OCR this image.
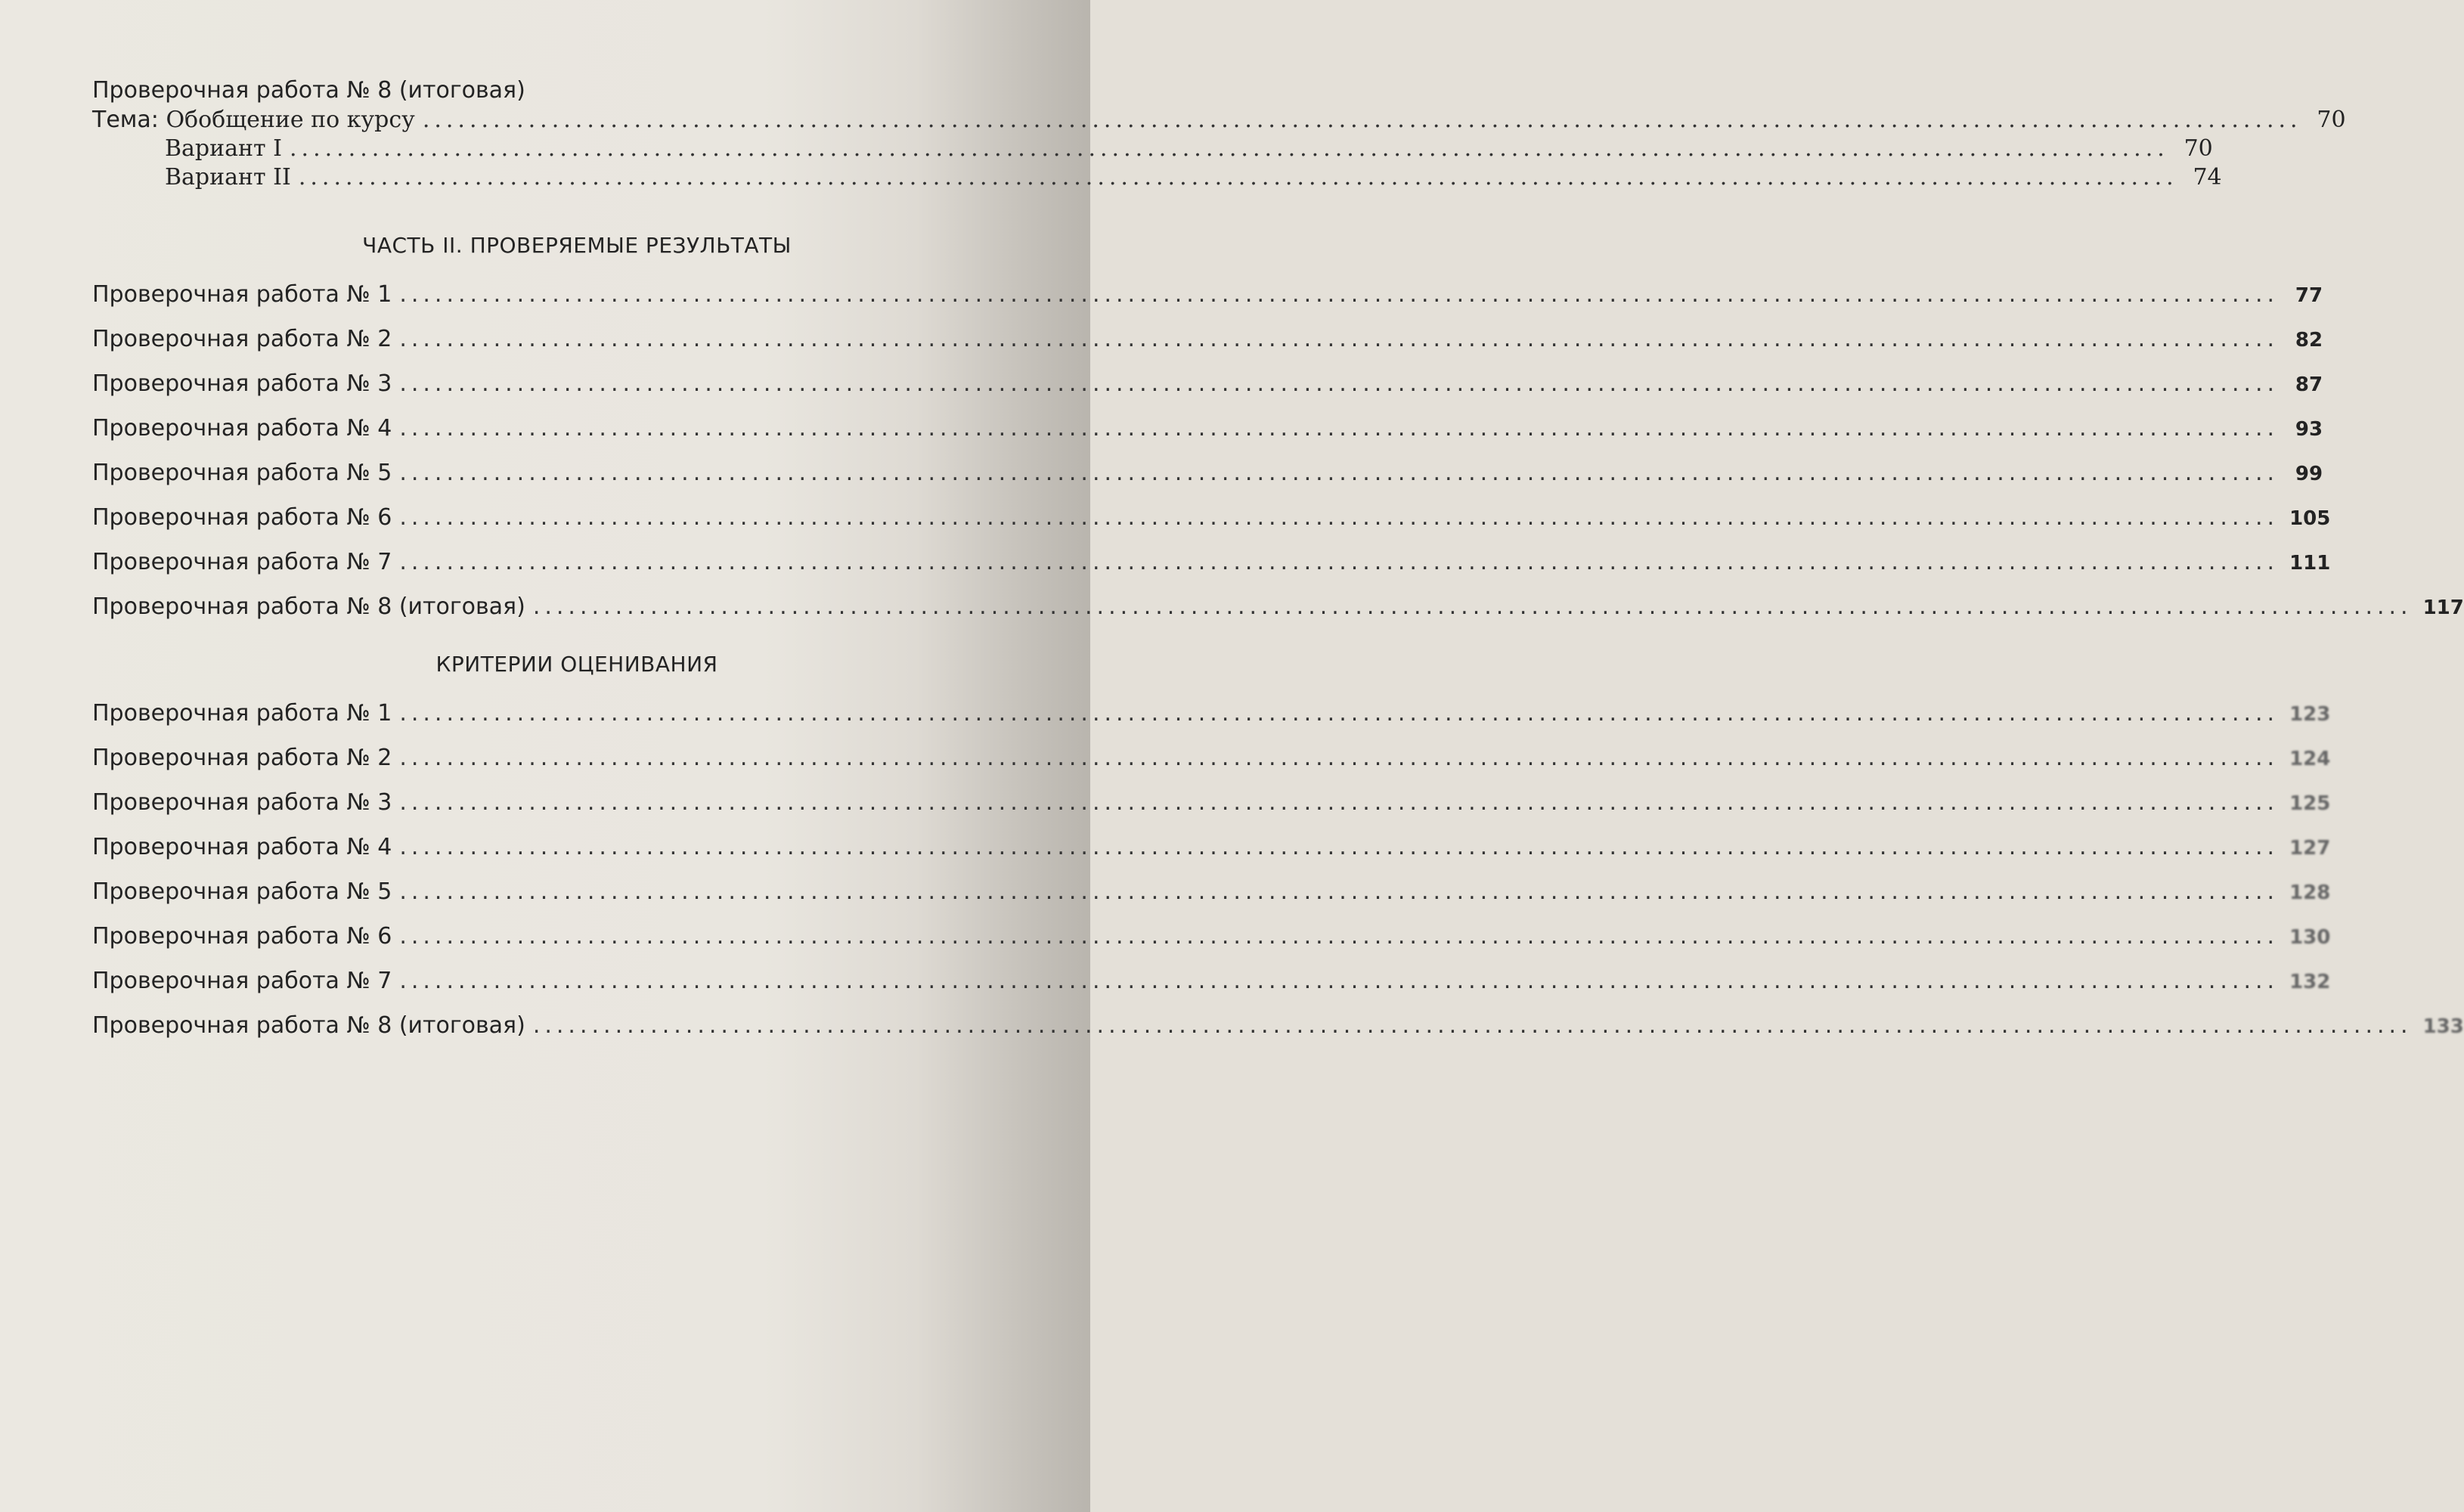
Проверочная работа № 8 (итоговая)
Тема: Обобщение по курсу ................................................................................................................................................................ 70
Вариант I ................................................................................................................................................................ 70
Вариант II ................................................................................................................................................................ 74
ЧАСТЬ II. ПРОВЕРЯЕМЫЕ РЕЗУЛЬТАТЫ
Проверочная работа № 1 ................................................................................................................................................................ 77
Проверочная работа № 2 ................................................................................................................................................................ 82
Проверочная работа № 3 ................................................................................................................................................................ 87
Проверочная работа № 4 ................................................................................................................................................................ 93
Проверочная работа № 5 ................................................................................................................................................................ 99
Проверочная работа № 6 ................................................................................................................................................................ 105
Проверочная работа № 7 ................................................................................................................................................................ 111
Проверочная работа № 8 (итоговая) ................................................................................................................................................................ 117
КРИТЕРИИ ОЦЕНИВАНИЯ
Проверочная работа № 1 ................................................................................................................................................................ 123
Проверочная работа № 2 ................................................................................................................................................................ 124
Проверочная работа № 3 ................................................................................................................................................................ 125
Проверочная работа № 4 ................................................................................................................................................................ 127
Проверочная работа № 5 ................................................................................................................................................................ 128
Проверочная работа № 6 ................................................................................................................................................................ 130
Проверочная работа № 7 ................................................................................................................................................................ 132
Проверочная работа № 8 (итоговая) ................................................................................................................................................................ 133
